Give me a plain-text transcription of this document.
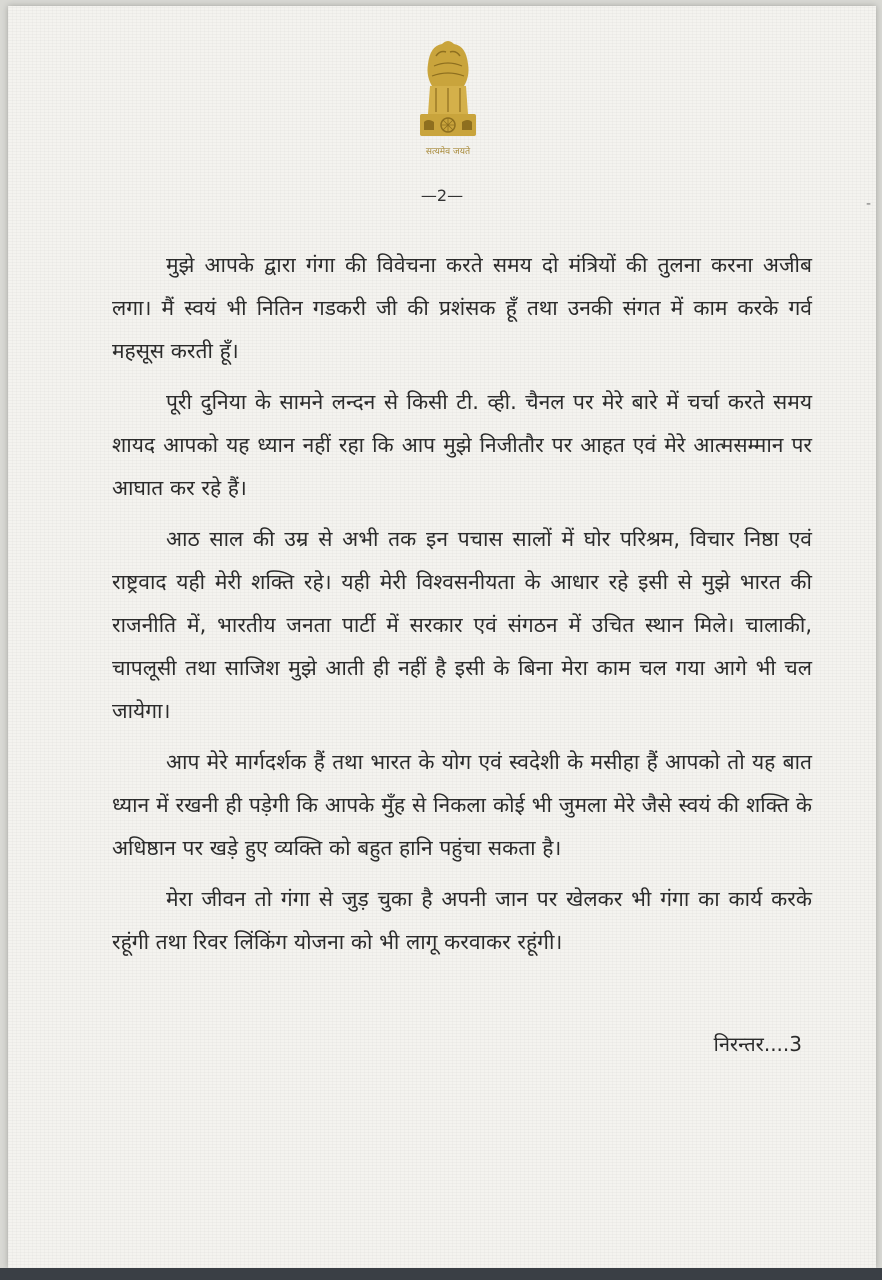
सत्यमेव जयते
—2—	-

मुझे आपके द्वारा गंगा की विवेचना करते समय दो मंत्रियों की तुलना करना अजीब लगा। मैं स्वयं भी नितिन गडकरी जी की प्रशंसक हूँ तथा उनकी संगत में काम करके गर्व महसूस करती हूँ।

पूरी दुनिया के सामने लन्दन से किसी टी. व्ही. चैनल पर मेरे बारे में चर्चा करते समय शायद आपको यह ध्यान नहीं रहा कि आप मुझे निजीतौर पर आहत एवं मेरे आत्मसम्मान पर आघात कर रहे हैं।

आठ साल की उम्र से अभी तक इन पचास सालों में घोर परिश्रम, विचार निष्ठा एवं राष्ट्रवाद यही मेरी शक्ति रहे। यही मेरी विश्वसनीयता के आधार रहे इसी से मुझे भारत की राजनीति में, भारतीय जनता पार्टी में सरकार एवं संगठन में उचित स्थान मिले। चालाकी, चापलूसी तथा साजिश मुझे आती ही नहीं है इसी के बिना मेरा काम चल गया आगे भी चल जायेगा।

आप मेरे मार्गदर्शक हैं तथा भारत के योग एवं स्वदेशी के मसीहा हैं आपको तो यह बात ध्यान में रखनी ही पड़ेगी कि आपके मुँह से निकला कोई भी जुमला मेरे जैसे स्वयं की शक्ति के अधिष्ठान पर खड़े हुए व्यक्ति को बहुत हानि पहुंचा सकता है।

मेरा जीवन तो गंगा से जुड़ चुका है अपनी जान पर खेलकर भी गंगा का कार्य करके रहूंगी तथा रिवर लिंकिंग योजना को भी लागू करवाकर रहूंगी।

निरन्तर....3
